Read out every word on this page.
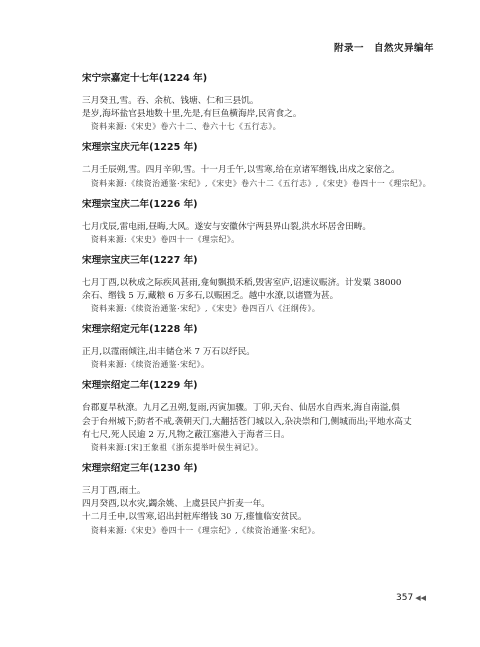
附录一　自然灾异编年
宋宁宗嘉定十七年(1224 年)

三月癸丑,雪。吞、余杭、钱塘、仁和三县饥。

是岁,海坏盐官县地数十里,先是,有巨鱼横海岸,民宵食之。

资料来源:《宋史》卷六十二、卷六十七《五行志》。

宋理宗宝庆元年(1225 年)

二月壬辰朔,雪。四月辛卯,雪。十一月壬午,以雪寒,给在京诸军缗钱,出戍之家倍之。

资料来源:《续资治通鉴·宋纪》,《宋史》卷六十二《五行志》,《宋史》卷四十一《理宗纪》。

宋理宗宝庆二年(1226 年)

七月戊辰,雷电雨,昼晦,大风。遂安与安徽休宁两县界山裂,洪水坏居舍田畴。

资料来源:《宋史》卷四十一《理宗纪》。

宋理宗宝庆三年(1227 年)

七月丁酉,以秋成之际疾风甚雨,龛甸飘损禾稻,毁害室庐,诏速议赈济。计发粟 38000

余石、缗钱 5 万,藏粮 6 万多石,以赈困乏。越中水潦,以诸暨为甚。

资料来源:《续资治通鉴·宋纪》,《宋史》卷四百八《汪纲传》。

宋理宗绍定元年(1228 年)

正月,以霪雨倾注,出丰储仓米 7 万石以纾民。

资料来源:《续资治通鉴·宋纪》。

宋理宗绍定二年(1229 年)

台郡夏旱秋潦。九月乙丑朔,复雨,丙寅加骤。丁卯,天台、仙居水自西来,海自南溢,俱

会于台州城下;防者不戒,袭朝天门,大翻括苍门城以入,杂决崇和门,侧城而出;平地水高丈

有七尺,死人民逾 2 万,凡物之蔽江塞港入于海者三日。

资料来源:[宋]王象祖《浙东提举叶侯生祠记》。

宋理宗绍定三年(1230 年)

三月丁酉,雨土。

四月癸酉,以水灾,蠲余姚、上虞县民户折麦一年。

十二月壬申,以雪寒,诏出封桩库缗钱 30 万,瘗恤临安贫民。

资料来源:《宋史》卷四十一《理宗纪》,《续资治通鉴·宋纪》。

357 ◀◀
